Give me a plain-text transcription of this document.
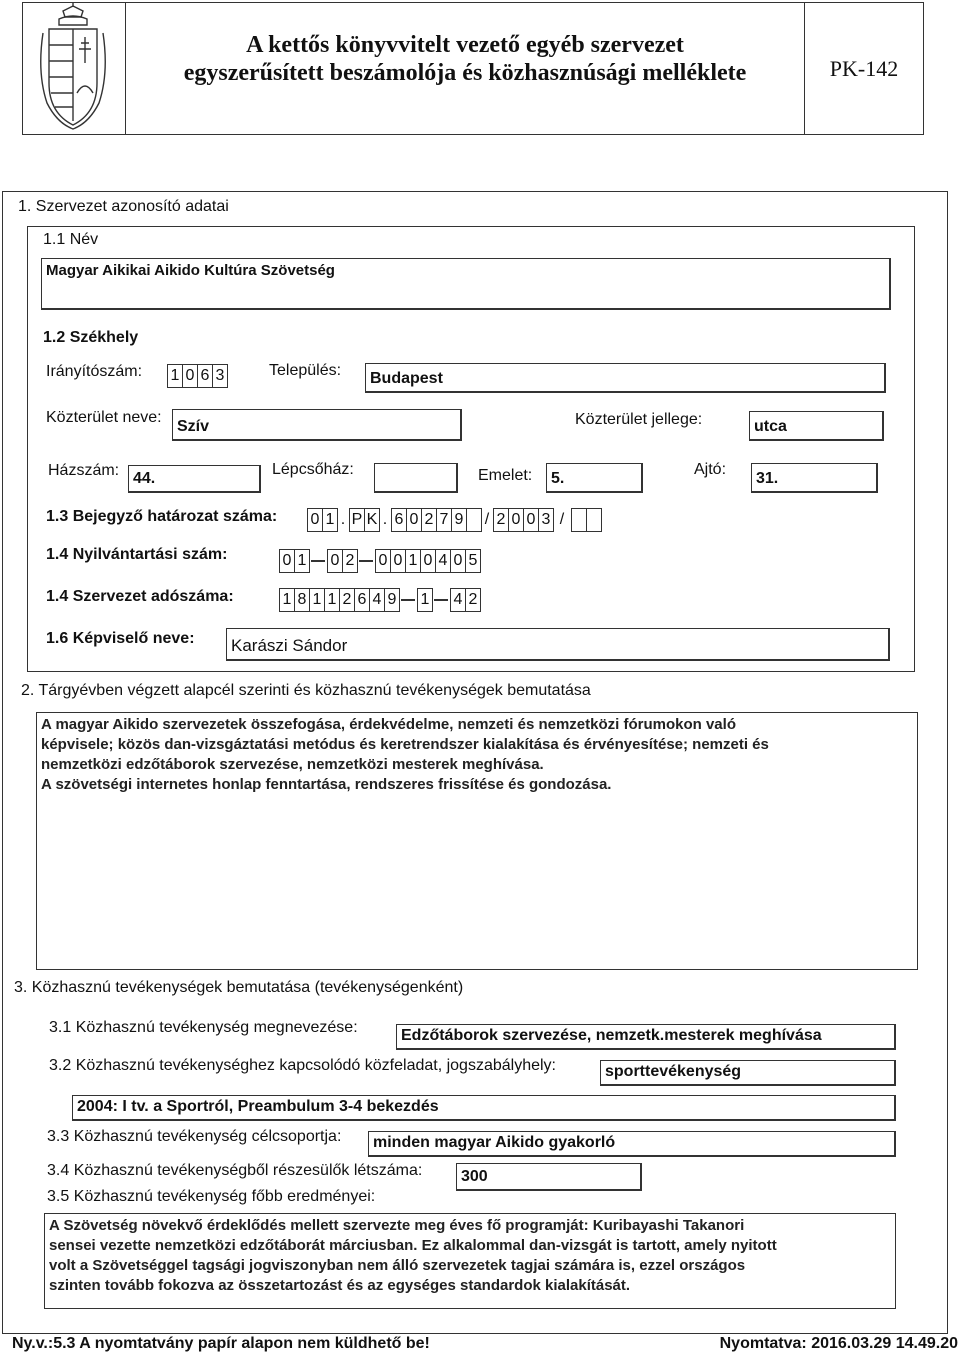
A kettős könyvvitelt vezető egyéb szervezet
egyszerűsített beszámolója és közhasznúsági melléklete	PK-142
1. Szervezet azonosító adatai
1.1 Név
Magyar Aikikai Aikido Kultúra Szövetség
1.2 Székhely
Irányítószám: 1 0 6 3	Település: Budapest
Közterület neve:
Szív	Közterület jellege:	utca
Házszám: 44.
Lépcsőház:	Emelet: 5.
Ajtó:
31.
1.3 Bejegyző határozat száma: 0 1 . P K . 6 0 2 7 9 / 2 0 0 3 /
1.4 Nyilvántartási szám:	0 1 0 2 0 0 1 0 4 0 5
1.4 Szervezet adószáma:	1 8 1 1 2 6 4 9 1 4 2
1.6 Képviselő neve: Karászi Sándor
2. Tárgyévben végzett alapcél szerinti és közhasznú tevékenységek bemutatása

A magyar Aikido szervezetek összefogása, érdekvédelme, nemzeti és nemzetközi fórumokon való

képvisele; közös dan-vizsgáztatási metódus és keretrendszer kialakítása és érvényesítése; nemzeti és

nemzetközi edzőtáborok szervezése, nemzetközi mesterek meghívása.

A szövetségi internetes honlap fenntartása, rendszeres frissítése és gondozása.

3. Közhasznú tevékenységek bemutatása (tevékenységenként)
3.1 Közhasznú tevékenység megnevezése:	Edzőtáborok szervezése, nemzetk.mesterek meghívása
3.2 Közhasznú tevékenységhez kapcsolódó közfeladat, jogszabályhely:	sporttevékenység
2004: I tv. a Sportról, Preambulum 3-4 bekezdés
3.3 Közhasznú tevékenység célcsoportja: minden magyar Aikido gyakorló
3.4 Közhasznú tevékenységből részesülők létszáma: 300
3.5 Közhasznú tevékenység főbb eredményei:

A Szövetség növekvő érdeklődés mellett szervezte meg éves fő programját: Kuribayashi Takanori

sensei vezette nemzetközi edzőtáborát márciusban. Ez alkalommal dan-vizsgát is tartott, amely nyitott

volt a Szövetséggel tagsági jogviszonyban nem álló szervezetek tagjai számára is, ezzel országos

szinten tovább fokozva az összetartozást és az egységes standardok kialakítását.

Ny.v.:5.3 A nyomtatvány papír alapon nem küldhető be!	Nyomtatva: 2016.03.29 14.49.20
